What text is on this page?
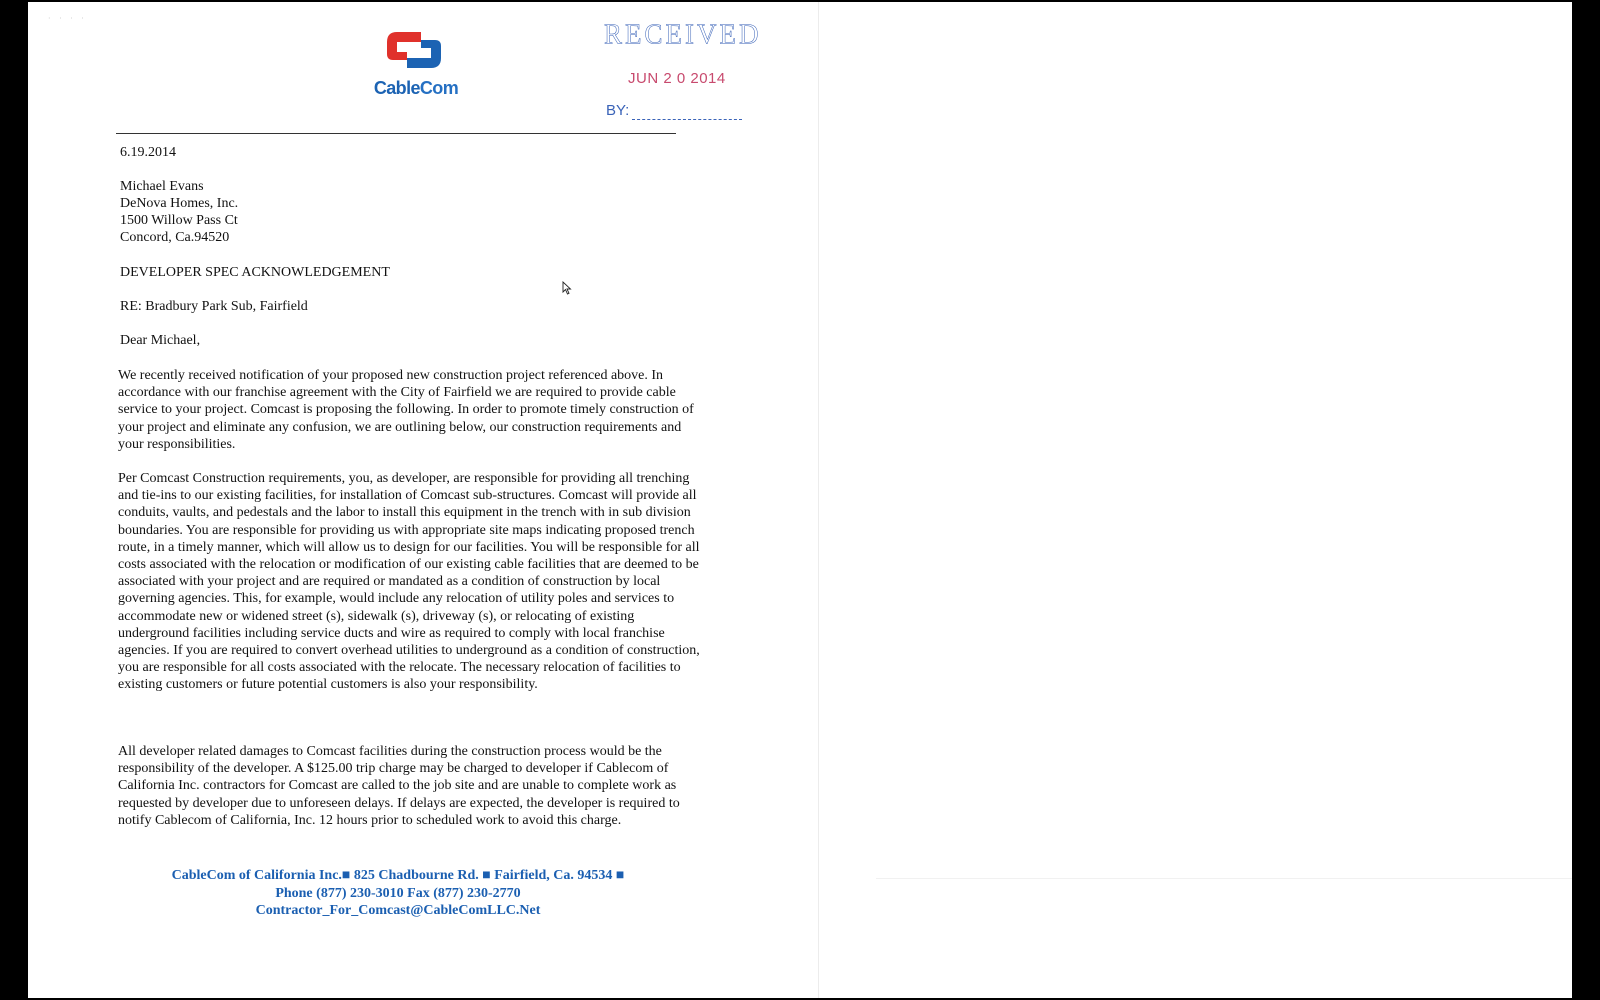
· · · ·
CableCom
RECEIVED
JUN 2 0 2014
BY:
6.19.2014
Michael Evans
DeNova Homes, Inc.
1500 Willow Pass Ct
Concord, Ca.94520
DEVELOPER SPEC ACKNOWLEDGEMENT
RE: Bradbury Park Sub, Fairfield
Dear Michael,
We recently received notification of your proposed new construction project referenced above. In accordance with our franchise agreement with the City of Fairfield we are required to provide cable service to your project. Comcast is proposing the following. In order to promote timely construction of your project and eliminate any confusion, we are outlining below, our construction requirements and your responsibilities.
Per Comcast Construction requirements, you, as developer, are responsible for providing all trenching and tie-ins to our existing facilities, for installation of Comcast sub-structures. Comcast will provide all conduits, vaults, and pedestals and the labor to install this equipment in the trench with in sub division boundaries. You are responsible for providing us with appropriate site maps indicating proposed trench route, in a timely manner, which will allow us to design for our facilities. You will be responsible for all costs associated with the relocation or modification of our existing cable facilities that are deemed to be associated with your project and are required or mandated as a condition of construction by local governing agencies. This, for example, would include any relocation of utility poles and services to accommodate new or widened street (s), sidewalk (s), driveway (s), or relocating of existing underground facilities including service ducts and wire as required to comply with local franchise agencies. If you are required to convert overhead utilities to underground as a condition of construction, you are responsible for all costs associated with the relocate. The necessary relocation of facilities to existing customers or future potential customers is also your responsibility.
All developer related damages to Comcast facilities during the construction process would be the responsibility of the developer. A $125.00 trip charge may be charged to developer if Cablecom of California Inc. contractors for Comcast are called to the job site and are unable to complete work as requested by developer due to unforeseen delays. If delays are expected, the developer is required to notify Cablecom of California, Inc. 12 hours prior to scheduled work to avoid this charge.
CableCom of California Inc.■ 825 Chadbourne Rd. ■ Fairfield, Ca. 94534 ■
Phone (877) 230-3010 Fax (877) 230-2770
Contractor_For_Comcast@CableComLLC.Net
